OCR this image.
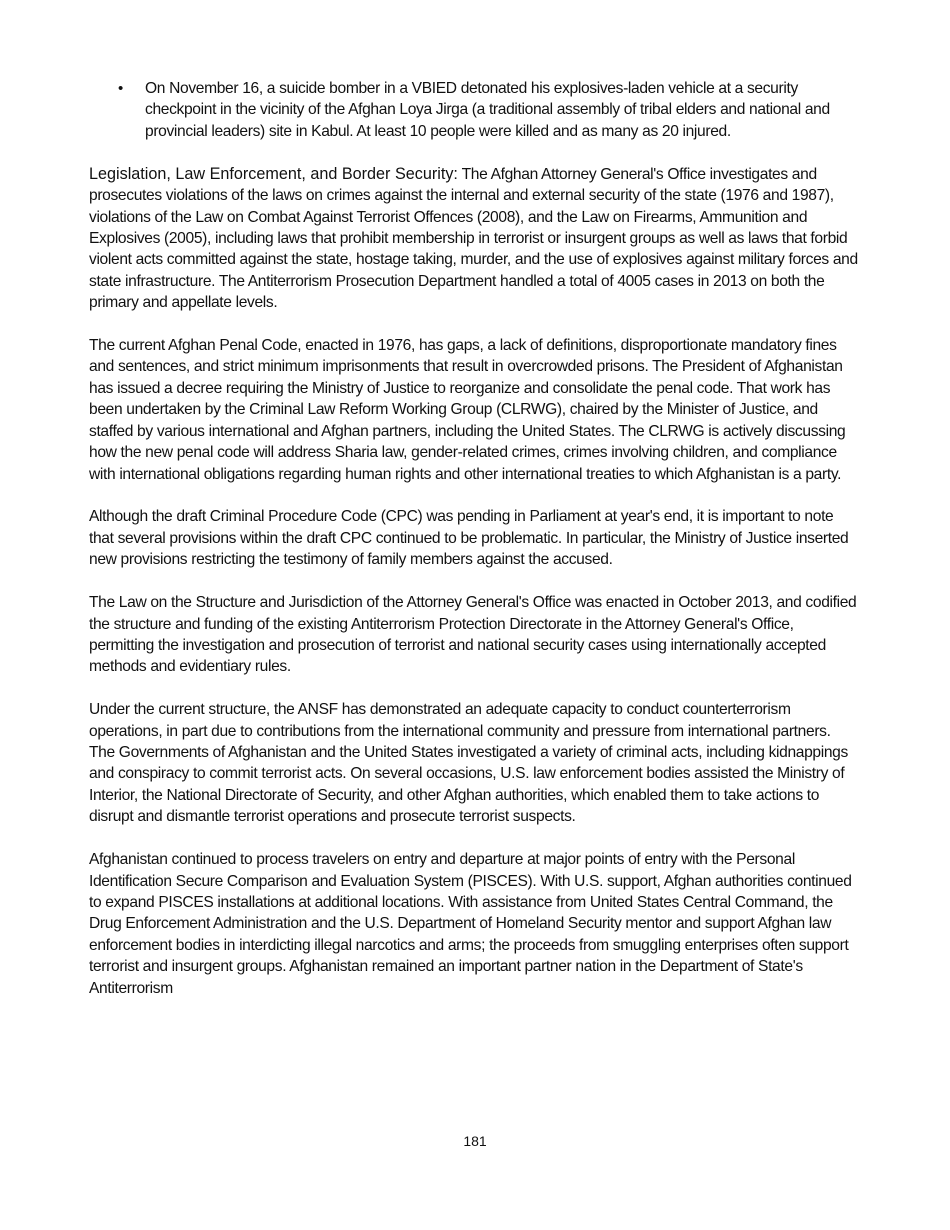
• On November 16, a suicide bomber in a VBIED detonated his explosives-laden vehicle at a security checkpoint in the vicinity of the Afghan Loya Jirga (a traditional assembly of tribal elders and national and provincial leaders) site in Kabul. At least 10 people were killed and as many as 20 injured.

Legislation, Law Enforcement, and Border Security: The Afghan Attorney General's Office investigates and prosecutes violations of the laws on crimes against the internal and external security of the state (1976 and 1987), violations of the Law on Combat Against Terrorist Offences (2008), and the Law on Firearms, Ammunition and Explosives (2005), including laws that prohibit membership in terrorist or insurgent groups as well as laws that forbid violent acts committed against the state, hostage taking, murder, and the use of explosives against military forces and state infrastructure. The Antiterrorism Prosecution Department handled a total of 4005 cases in 2013 on both the primary and appellate levels.

The current Afghan Penal Code, enacted in 1976, has gaps, a lack of definitions, disproportionate mandatory fines and sentences, and strict minimum imprisonments that result in overcrowded prisons. The President of Afghanistan has issued a decree requiring the Ministry of Justice to reorganize and consolidate the penal code. That work has been undertaken by the Criminal Law Reform Working Group (CLRWG), chaired by the Minister of Justice, and staffed by various international and Afghan partners, including the United States. The CLRWG is actively discussing how the new penal code will address Sharia law, gender-related crimes, crimes involving children, and compliance with international obligations regarding human rights and other international treaties to which Afghanistan is a party.

Although the draft Criminal Procedure Code (CPC) was pending in Parliament at year's end, it is important to note that several provisions within the draft CPC continued to be problematic. In particular, the Ministry of Justice inserted new provisions restricting the testimony of family members against the accused.

The Law on the Structure and Jurisdiction of the Attorney General's Office was enacted in October 2013, and codified the structure and funding of the existing Antiterrorism Protection Directorate in the Attorney General's Office, permitting the investigation and prosecution of terrorist and national security cases using internationally accepted methods and evidentiary rules.

Under the current structure, the ANSF has demonstrated an adequate capacity to conduct counterterrorism operations, in part due to contributions from the international community and pressure from international partners. The Governments of Afghanistan and the United States investigated a variety of criminal acts, including kidnappings and conspiracy to commit terrorist acts. On several occasions, U.S. law enforcement bodies assisted the Ministry of Interior, the National Directorate of Security, and other Afghan authorities, which enabled them to take actions to disrupt and dismantle terrorist operations and prosecute terrorist suspects.

Afghanistan continued to process travelers on entry and departure at major points of entry with the Personal Identification Secure Comparison and Evaluation System (PISCES). With U.S. support, Afghan authorities continued to expand PISCES installations at additional locations. With assistance from United States Central Command, the Drug Enforcement Administration and the U.S. Department of Homeland Security mentor and support Afghan law enforcement bodies in interdicting illegal narcotics and arms; the proceeds from smuggling enterprises often support terrorist and insurgent groups. Afghanistan remained an important partner nation in the Department of State's Antiterrorism

181
